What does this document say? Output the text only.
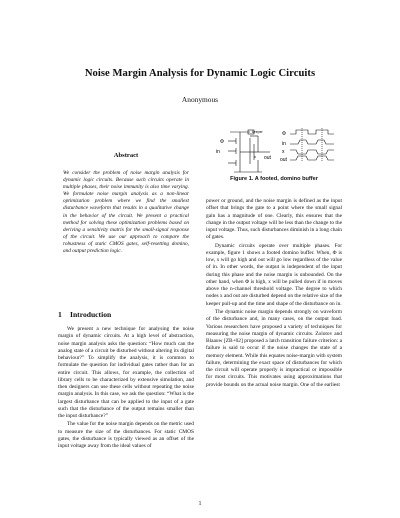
Noise Margin Analysis for Dynamic Logic Circuits
Anonymous
Abstract
We consider the problem of noise margin analysis for dynamic logic circuits. Because such circuits operate in multiple phases, their noise immunity is also time varying. We formulate noise margin analysis as a non-linear optimization problem where we find the smallest disturbance waveform that results in a qualitative change in the behavior of the circuit. We present a practical method for solving these optimization problems based on deriving a sensitivity matrix for the small-signal response of the circuit. We use our approach to compare the robustness of static CMOS gates, self-resetting domino, and output prediction logic.
1 Introduction

We present a new technique for analysing the noise margin of dynamic circuits. At a high level of abstraction, noise margin analysis asks the question: “How much can the analog state of a circuit be disturbed without altering its digital behaviour?” To simplify the analysis, it is common to formulate the question for individual gates rather than for an entire circuit. This allows, for example, the collection of library cells to be characterized by extensive simulation, and then designers can use these cells without repeating the noise margin analysis. In this case, we ask the question: “What is the largest disturbance that can be applied to the input of a gate such that the disturbance of the output remains smaller than the input disturbance?”

The value for the noise margin depends on the metric used to measure the size of the disturbances. For static CMOS gates, the disturbance is typically viewed as an offset of the input voltage away from the ideal values of

keeper
Φ
in
x out
Φ
in
x
out
Figure 1. A footed, domino buffer

power or ground, and the noise margin is defined as the input offset that brings the gate to a point where the small signal gain has a magnitude of one. Clearly, this ensures that the change in the output voltage will be less than the change to the input voltage. Thus, such disturbances diminish in a long chain of gates.

Dynamic circuits operate over multiple phases. For example, figure 1 shows a footed domino buffer. When, Φ is low, x will go high and out will go low regardless of the value of in. In other words, the output is independent of the input during this phase and the noise margin is unbounded. On the other hand, when Φ is high, x will be pulled down if in moves above the n-channel threshold voltage. The degree to which nodes x and out are disturbed depend on the relative size of the keeper pull-up and the time and shape of the disturbance on in.

The dynamic noise margin depends strongly on waveform of the disturbance and, in many cases, on the output load. Various researchers have proposed a variety of techniques for measuring the noise margin of dynamic circuits. Zolotov and Blaauw [ZB+02] proposed a latch transition failure criterion: a failure is said to occur if the noise changes the state of a memory element. While this equates noise-margin with system failure, determining the exact space of disturbances for which the circuit will operate properly is impractical or impossible for most circuits. This motivates using approximations that provide bounds on the actual noise margin. One of the earliest

1
